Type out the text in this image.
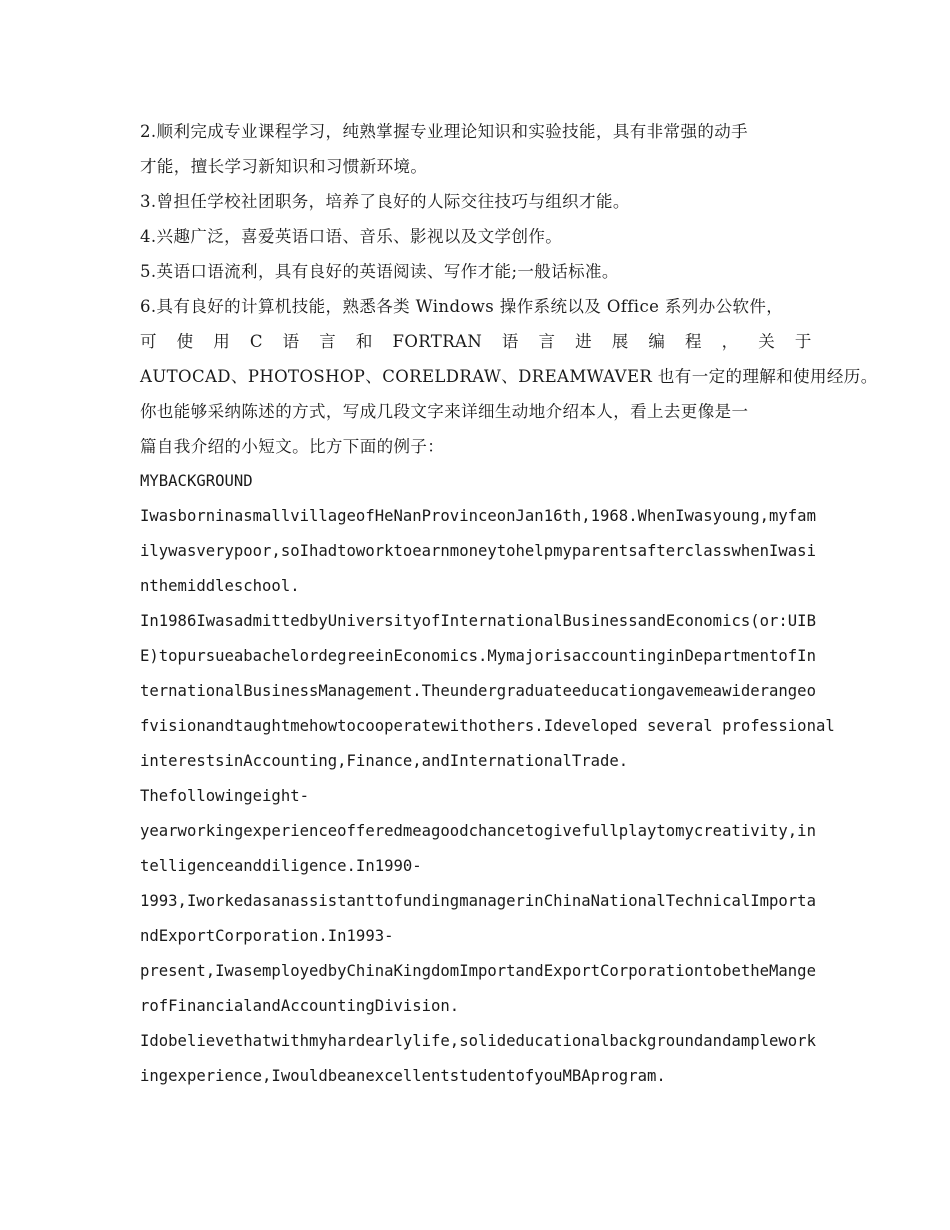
2.顺利完成专业课程学习，纯熟掌握专业理论知识和实验技能，具有非常强的动手
才能，擅长学习新知识和习惯新环境。
3.曾担任学校社团职务，培养了良好的人际交往技巧与组织才能。
4.兴趣广泛，喜爱英语口语、音乐、影视以及文学创作。
5.英语口语流利，具有良好的英语阅读、写作才能;一般话标准。
6.具有良好的计算机技能，熟悉各类 Windows 操作系统以及 Office 系列办公软件，
可 使 用 C 语 言 和 FORTRAN 语 言 进 展 编 程 ， 关 于
AUTOCAD、PHOTOSHOP、CORELDRAW、DREAMWAVER 也有一定的理解和使用经历。
你也能够采纳陈述的方式，写成几段文字来详细生动地介绍本人，看上去更像是一
篇自我介绍的小短文。比方下面的例子：
MYBACKGROUND
IwasborninasmallvillageofHeNanProvinceonJan16th,1968.WhenIwasyoung,myfam
ilywasverypoor,soIhadtoworktoearnmoneytohelpmyparentsafterclasswhenIwasi
nthemiddleschool.
In1986IwasadmittedbyUniversityofInternationalBusinessandEconomics(or:UIB
E)topursueabachelordegreeinEconomics.MymajorisaccountinginDepartmentofIn
ternationalBusinessManagement.Theundergraduateeducationgavemeawiderangeo
fvisionandtaughtmehowtocooperatewithothers.Ideveloped several professional
interestsinAccounting,Finance,andInternationalTrade.
Thefollowingeight-
yearworkingexperienceofferedmeagoodchancetogivefullplaytomycreativity,in
telligenceanddiligence.In1990-
1993,IworkedasanassistanttofundingmanagerinChinaNationalTechnicalImporta
ndExportCorporation.In1993-
present,IwasemployedbyChinaKingdomImportandExportCorporationtobetheMange
rofFinancialandAccountingDivision.
Idobelievethatwithmyhardearlylife,solideducationalbackgroundandamplework
ingexperience,IwouldbeanexcellentstudentofyouMBAprogram.
